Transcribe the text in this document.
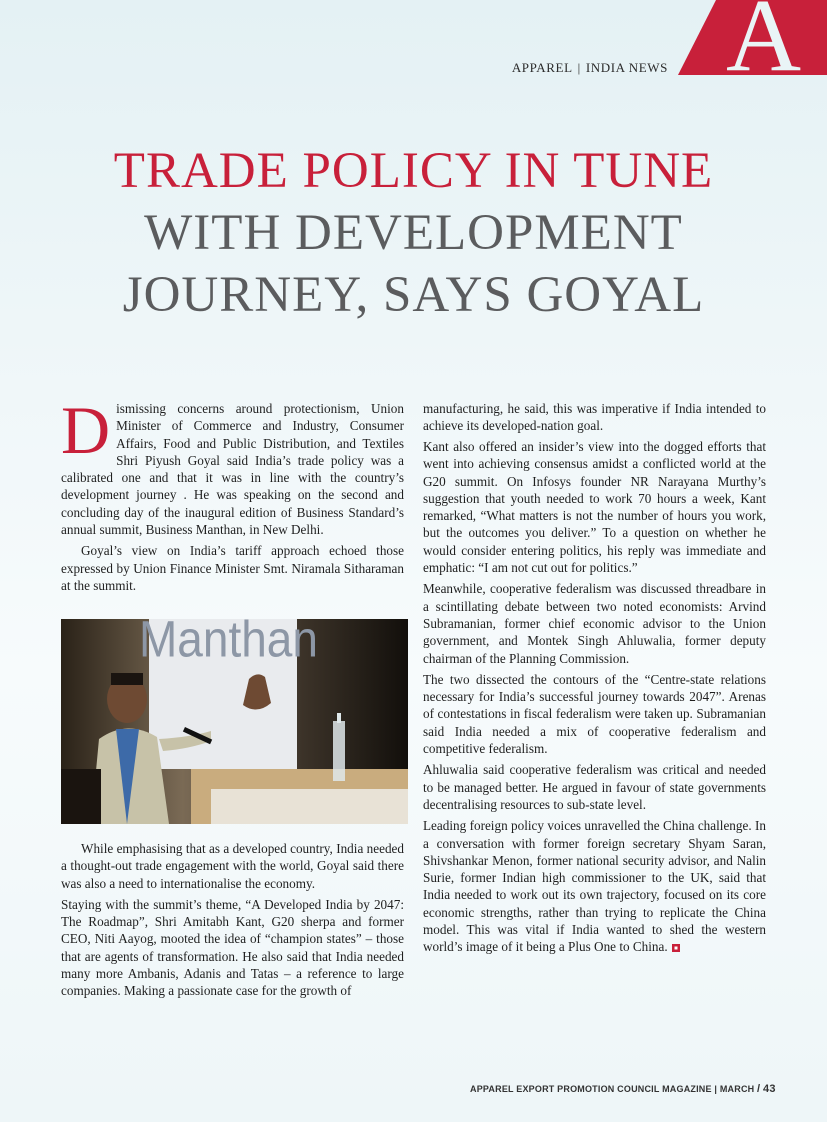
APPAREL | INDIA NEWS A
TRADE POLICY IN TUNE
WITH DEVELOPMENT
JOURNEY, SAYS GOYAL

Dismissing concerns around protectionism, Union Minister of Commerce and Industry, Consumer Affairs, Food and Public Distribution, and Textiles Shri Piyush Goyal said India’s trade policy was a calibrated one and that it was in line with the country’s development journey . He was speaking on the second and concluding day of the inaugural edition of Business Standard’s annual summit, Business Manthan, in New Delhi.

Goyal’s view on India’s tariff approach echoed those expressed by Union Finance Minister Smt. Niramala Sitharaman at the summit.

Manthan

While emphasising that as a developed country, India needed a thought-out trade engagement with the world, Goyal said there was also a need to internationalise the economy.

Staying with the summit’s theme, “A Developed India by 2047: The Roadmap”, Shri Amitabh Kant, G20 sherpa and former CEO, Niti Aayog, mooted the idea of “champion states” – those that are agents of transformation. He also said that India needed many more Ambanis, Adanis and Tatas – a reference to large companies. Making a passionate case for the growth of

manufacturing, he said, this was imperative if India intended to achieve its developed-nation goal.

Kant also offered an insider’s view into the dogged efforts that went into achieving consensus amidst a conflicted world at the G20 summit. On Infosys founder NR Narayana Murthy’s suggestion that youth needed to work 70 hours a week, Kant remarked, “What matters is not the number of hours you work, but the outcomes you deliver.” To a question on whether he would consider entering politics, his reply was immediate and emphatic: “I am not cut out for politics.”

Meanwhile, cooperative federalism was discussed threadbare in a scintillating debate between two noted economists: Arvind Subramanian, former chief economic advisor to the Union government, and Montek Singh Ahluwalia, former deputy chairman of the Planning Commission.

The two dissected the contours of the “Centre-state relations necessary for India’s successful journey towards 2047”. Arenas of contestations in fiscal federalism were taken up. Subramanian said India needed a mix of cooperative federalism and competitive federalism.

Ahluwalia said cooperative federalism was critical and needed to be managed better. He argued in favour of state governments decentralising resources to sub-state level.

Leading foreign policy voices unravelled the China challenge. In a conversation with former foreign secretary Shyam Saran, Shivshankar Menon, former national security advisor, and Nalin Surie, former Indian high commissioner to the UK, said that India needed to work out its own trajectory, focused on its core economic strengths, rather than trying to replicate the China model. This was vital if India wanted to shed the western world’s image of it being a Plus One to China.

APPAREL EXPORT PROMOTION COUNCIL MAGAZINE | MARCH / 43
